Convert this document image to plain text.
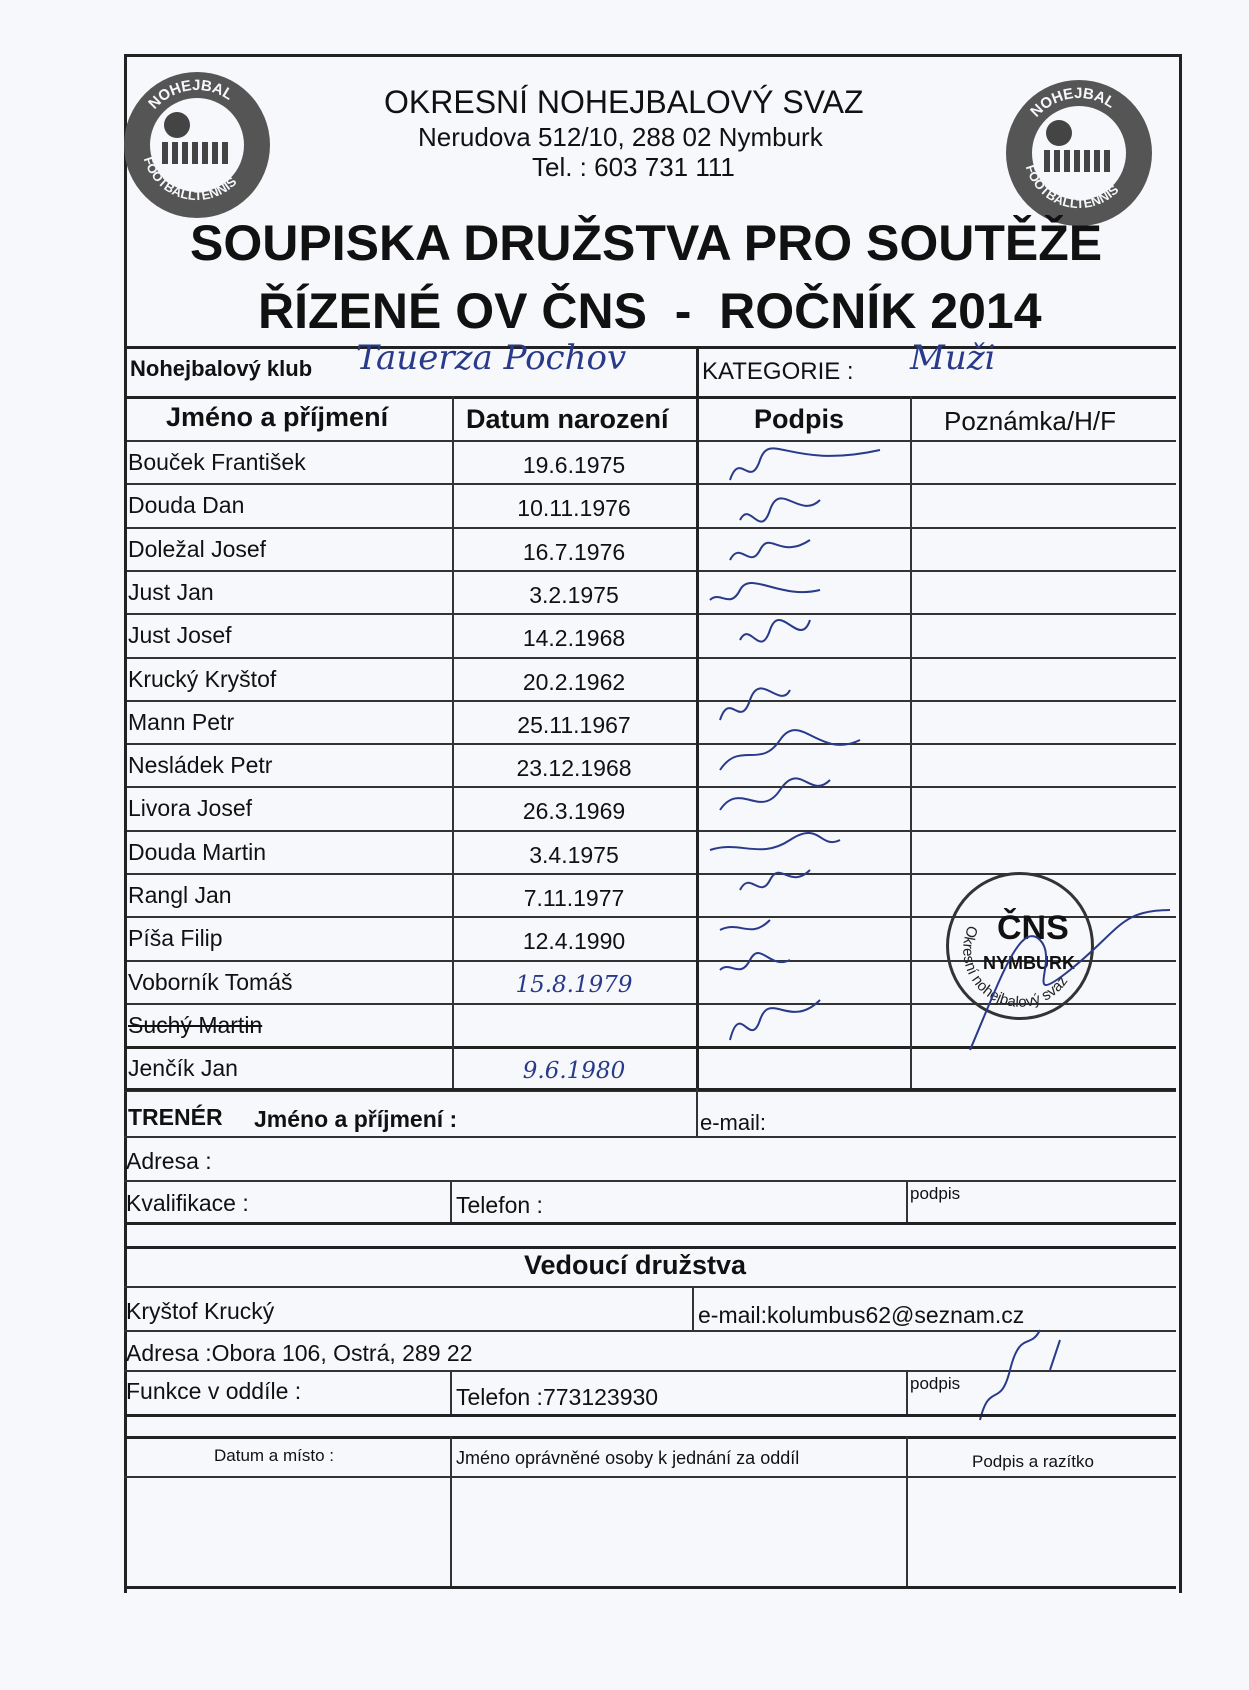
NOHEJBAL
FOOTBALLTENNIS
NOHEJBAL
FOOTBALLTENNIS
OKRESNÍ NOHEJBALOVÝ SVAZ
Nerudova 512/10, 288 02 Nymburk
Tel. : 603 731 111
SOUPISKA DRUŽSTVA PRO SOUTĚŽE
ŘÍZENÉ OV ČNS  -  ROČNÍK 2014
Nohejbalový klub Tauerza Pochov	KATEGORIE : Muži
Jméno a příjmení	Datum narození	Podpis	Poznámka/H/F
Bouček František	19.6.1975
Douda Dan	10.11.1976
Doležal Josef	16.7.1976
Just Jan	3.2.1975
Just Josef	14.2.1968
Krucký Kryštof	20.2.1962
Mann Petr	25.11.1967
Nesládek Petr	23.12.1968
Livora Josef	26.3.1969
Douda Martin	3.4.1975
Rangl Jan	7.11.1977
Píša Filip	12.4.1990
Voborník Tomáš	15.8.1979
Suchý Martin
Jenčík Jan	9.6.1980
ČNS
NYMBURK
Okresní nohejbalový svaz
TRENÉR Jméno a příjmení :	e-mail:
Adresa :
Kvalifikace :	Telefon :	podpis
Vedoucí družstva
Kryštof Krucký	e-mail:kolumbus62@seznam.cz
Adresa :Obora 106, Ostrá, 289 22
Funkce v oddíle :	Telefon :773123930
podpis
Datum a místo :	Jméno oprávněné osoby k jednání za oddíl	Podpis a razítko
